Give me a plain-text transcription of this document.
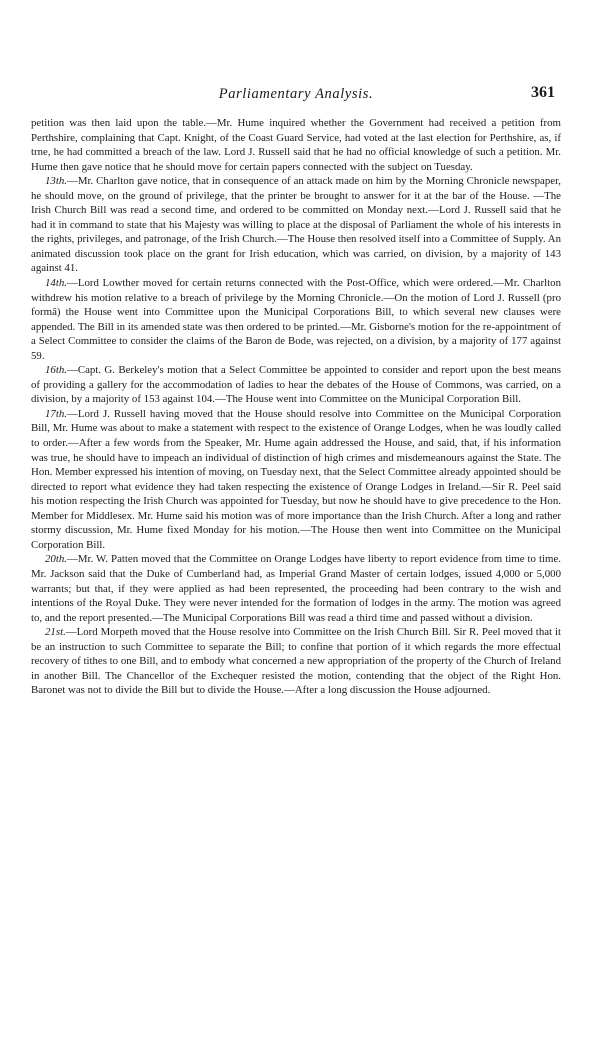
Parliamentary Analysis.	361

petition was then laid upon the table.—Mr. Hume inquired whether the Government had received a petition from Perthshire, complaining that Capt. Knight, of the Coast Guard Service, had voted at the last election for Perthshire, as, if trne, he had committed a breach of the law. Lord J. Russell said that he had no official knowledge of such a petition. Mr. Hume then gave notice that he should move for certain papers connected with the subject on Tuesday.

13th.—Mr. Charlton gave notice, that in consequence of an attack made on him by the Morning Chronicle newspaper, he should move, on the ground of privilege, that the printer be brought to answer for it at the bar of the House. —The Irish Church Bill was read a second time, and ordered to be committed on Monday next.—Lord J. Russell said that he had it in command to state that his Majesty was willing to place at the disposal of Parliament the whole of his interests in the rights, privileges, and patronage, of the Irish Church.—The House then resolved itself into a Committee of Supply. An animated discussion took place on the grant for Irish education, which was carried, on division, by a majority of 143 against 41.

14th.—Lord Lowther moved for certain returns connected with the Post-Office, which were ordered.—Mr. Charlton withdrew his motion relative to a breach of privilege by the Morning Chronicle.—On the motion of Lord J. Russell (pro formâ) the House went into Committee upon the Municipal Corporations Bill, to which several new clauses were appended. The Bill in its amended state was then ordered to be printed.—Mr. Gisborne's motion for the re-appointment of a Select Committee to consider the claims of the Baron de Bode, was rejected, on a division, by a majority of 177 against 59.

16th.—Capt. G. Berkeley's motion that a Select Committee be appointed to consider and report upon the best means of providing a gallery for the accommodation of ladies to hear the debates of the House of Commons, was carried, on a division, by a majority of 153 against 104.—The House went into Committee on the Municipal Corporation Bill.

17th.—Lord J. Russell having moved that the House should resolve into Committee on the Municipal Corporation Bill, Mr. Hume was about to make a statement with respect to the existence of Orange Lodges, when he was loudly called to order.—After a few words from the Speaker, Mr. Hume again addressed the House, and said, that, if his information was true, he should have to impeach an individual of distinction of high crimes and misdemeanours against the State. The Hon. Member expressed his intention of moving, on Tuesday next, that the Select Committee already appointed should be directed to report what evidence they had taken respecting the existence of Orange Lodges in Ireland.—Sir R. Peel said his motion respecting the Irish Church was appointed for Tuesday, but now he should have to give precedence to the Hon. Member for Middlesex. Mr. Hume said his motion was of more importance than the Irish Church. After a long and rather stormy discussion, Mr. Hume fixed Monday for his motion.—The House then went into Committee on the Municipal Corporation Bill.

20th.—Mr. W. Patten moved that the Committee on Orange Lodges have liberty to report evidence from time to time. Mr. Jackson said that the Duke of Cumberland had, as Imperial Grand Master of certain lodges, issued 4,000 or 5,000 warrants; but that, if they were applied as had been represented, the proceeding had been contrary to the wish and intentions of the Royal Duke. They were never intended for the formation of lodges in the army. The motion was agreed to, and the report presented.—The Municipal Corporations Bill was read a third time and passed without a division.

21st.—Lord Morpeth moved that the House resolve into Committee on the Irish Church Bill. Sir R. Peel moved that it be an instruction to such Committee to separate the Bill; to confine that portion of it which regards the more effectual recovery of tithes to one Bill, and to embody what concerned a new appropriation of the property of the Church of Ireland in another Bill. The Chancellor of the Exchequer resisted the motion, contending that the object of the Right Hon. Baronet was not to divide the Bill but to divide the House.—After a long discussion the House adjourned.
